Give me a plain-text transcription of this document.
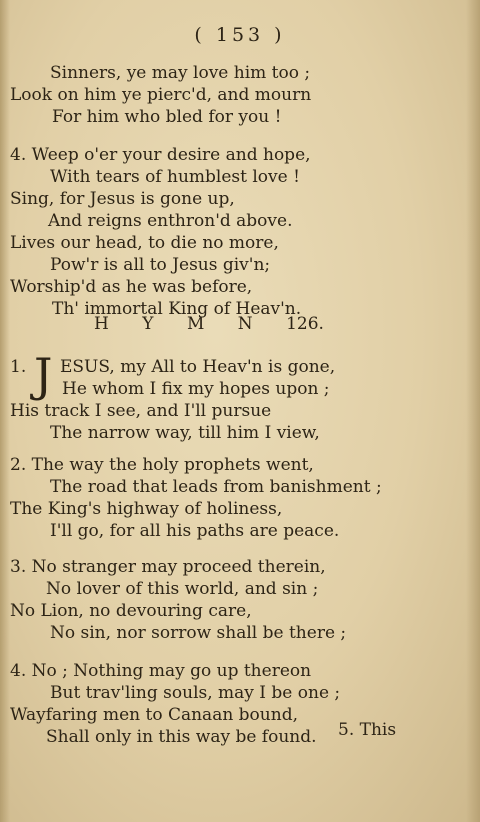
( 153 )
Sinners, ye may love him too ;
Look on him ye pierc'd, and mourn
For him who bled for you !
4. Weep o'er your desire and hope,
With tears of humblest love !
Sing, for Jesus is gone up,
And reigns enthron'd above.
Lives our head, to die no more,
Pow'r is all to Jesus giv'n;
Worship'd as he was before,
Th' immortal King of Heav'n.
H Y M N 126.
1. J ESUS, my All to Heav'n is gone,
He whom I fix my hopes upon ;
His track I see, and I'll pursue
The narrow way, till him I view,
2. The way the holy prophets went,
The road that leads from banishment ;
The King's highway of holiness,
I'll go, for all his paths are peace.
3. No stranger may proceed therein,
No lover of this world, and sin ;
No Lion, no devouring care,
No sin, nor sorrow shall be there ;
4. No ; Nothing may go up thereon
But trav'ling souls, may I be one ;
Wayfaring men to Canaan bound,
Shall only in this way be found. 5. This
